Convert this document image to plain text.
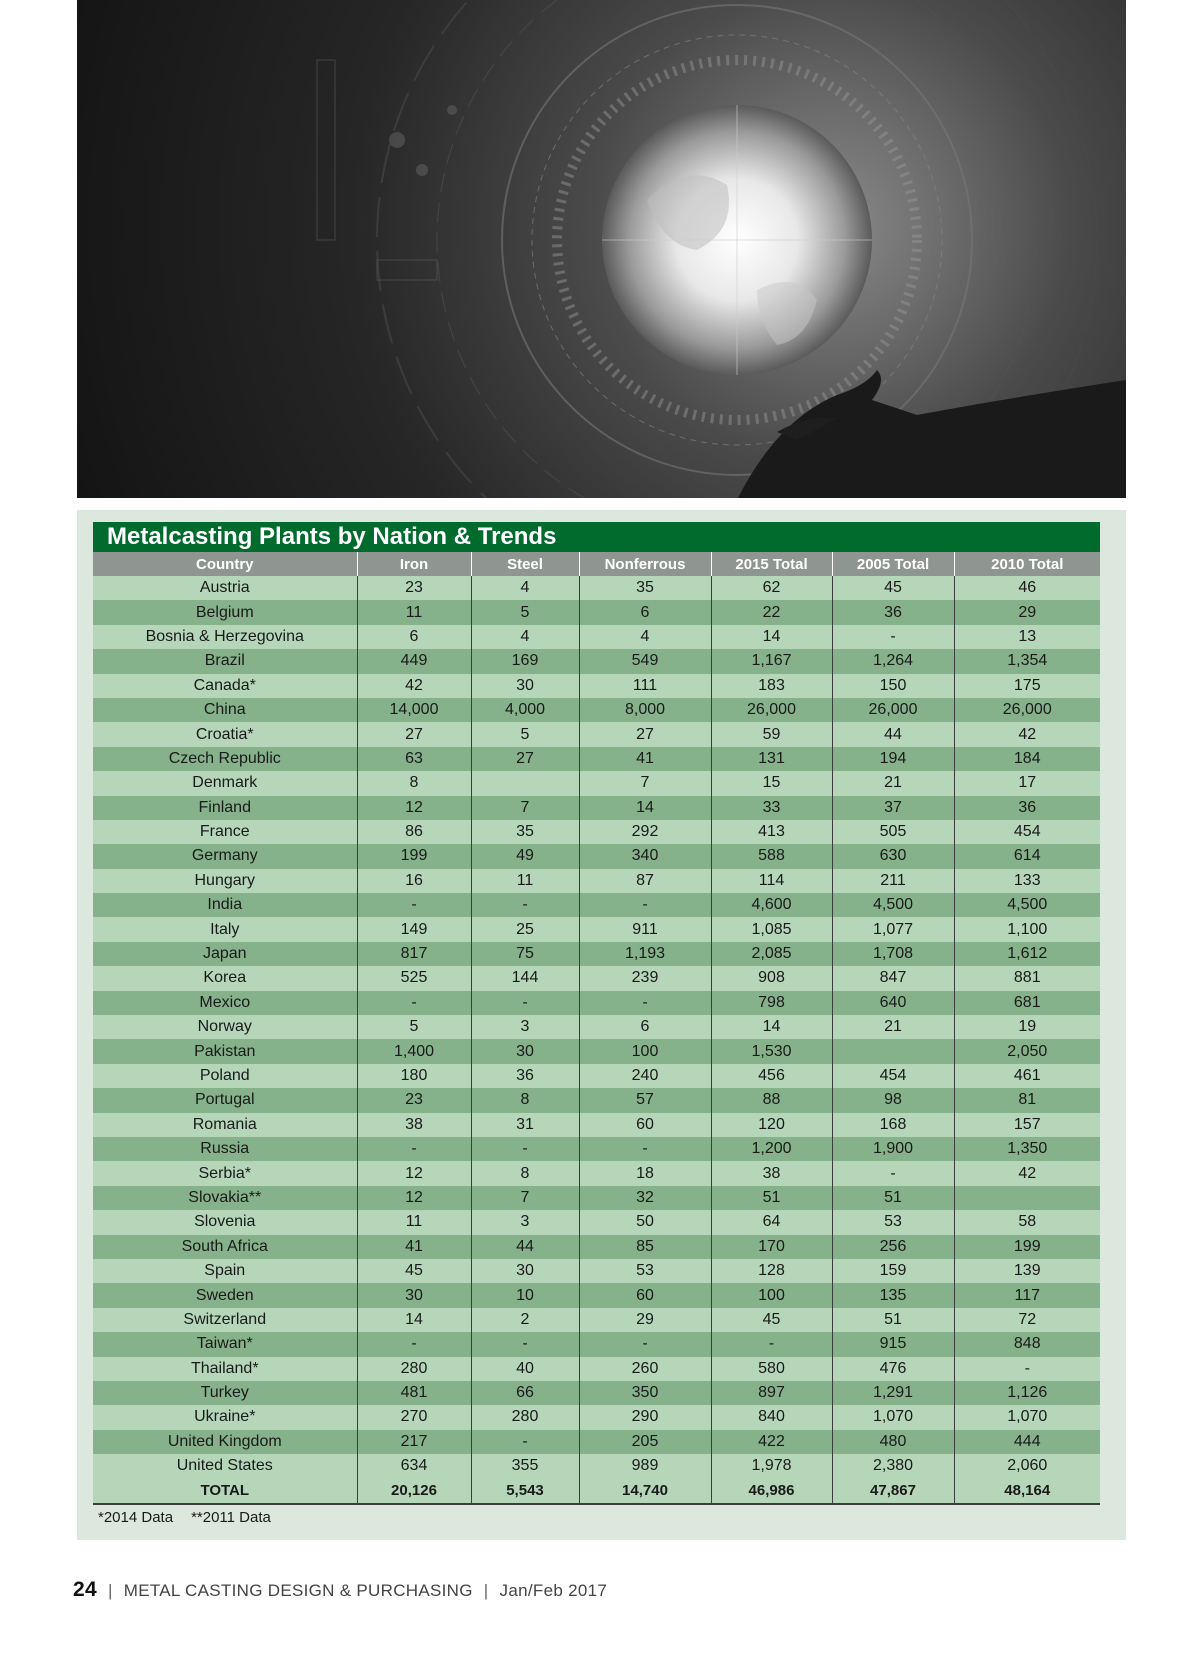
Metalcasting Plants by Nation & Trends
Country	Iron	Steel	Nonferrous	2015 Total	2005 Total	2010 Total
Austria	23	4	35	62	45	46
Belgium	11	5	6	22	36	29
Bosnia & Herzegovina	6	4	4	14	-	13
Brazil	449	169	549	1,167	1,264	1,354
Canada*	42	30	111	183	150	175
China	14,000	4,000	8,000	26,000	26,000	26,000
Croatia*	27	5	27	59	44	42
Czech Republic	63	27	41	131	194	184
Denmark	8		7	15	21	17
Finland	12	7	14	33	37	36
France	86	35	292	413	505	454
Germany	199	49	340	588	630	614
Hungary	16	11	87	114	211	133
India	-	-	-	4,600	4,500	4,500
Italy	149	25	911	1,085	1,077	1,100
Japan	817	75	1,193	2,085	1,708	1,612
Korea	525	144	239	908	847	881
Mexico	-	-	-	798	640	681
Norway	5	3	6	14	21	19
Pakistan	1,400	30	100	1,530		2,050
Poland	180	36	240	456	454	461
Portugal	23	8	57	88	98	81
Romania	38	31	60	120	168	157
Russia	-	-	-	1,200	1,900	1,350
Serbia*	12	8	18	38	-	42
Slovakia**	12	7	32	51	51	
Slovenia	11	3	50	64	53	58
South Africa	41	44	85	170	256	199
Spain	45	30	53	128	159	139
Sweden	30	10	60	100	135	117
Switzerland	14	2	29	45	51	72
Taiwan*	-	-	-	-	915	848
Thailand*	280	40	260	580	476	-
Turkey	481	66	350	897	1,291	1,126
Ukraine*	270	280	290	840	1,070	1,070
United Kingdom	217	-	205	422	480	444
United States	634	355	989	1,978	2,380	2,060
TOTAL	20,126	5,543	14,740	46,986	47,867	48,164
*2014 Data **2011 Data
24 | METAL CASTING DESIGN & PURCHASING | Jan/Feb 2017
